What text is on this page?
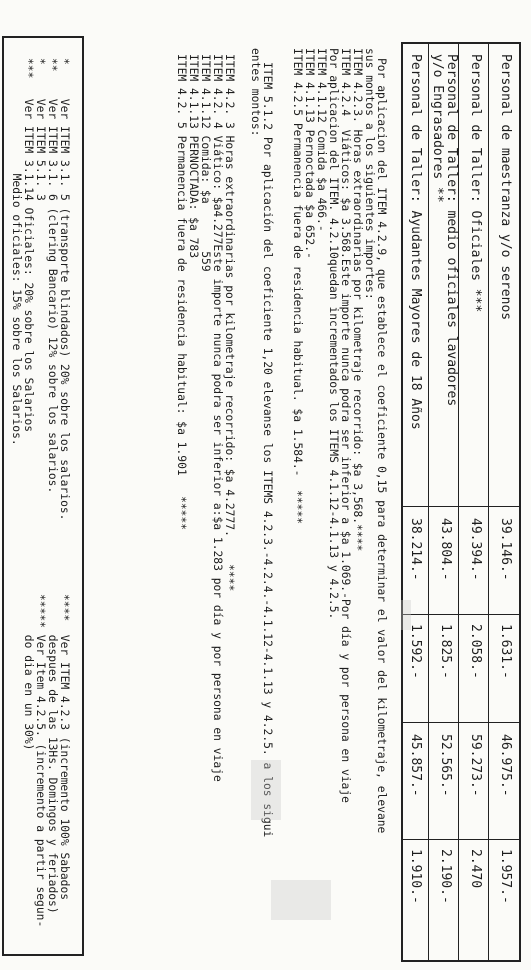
Personal de maestranza y/o serenos
39.146.-
1.631.-
46.975.-
1.957.-
Personal de Taller: Oficiales ***
49.394.-
2.058.-
59.273.-
2.470
Personal de Taller: medio oficiales lavadores
y/o Engrasadores **
43.804.-
1.825.-
52.565.-
2.190.-
Personal de Taller: Ayudantes Mayores de 18 Años
38.214.-
1.592.-
45.857.-
1.910.-
Por aplicacion del ITEM 4.2.9, que establece el coeficiente 0,15 para determinar el valor del kilometraje, elevane
sus montos a los siguientes importes:
ITEM 4.2.3. Horas extraordinarias por kilometraje recorrido: $a 3,568.****
ITEM 4.2.4  Viáticos: $a 3.568.Este importe nunca podra ser inferior a $a 1.069.-Por día y por persona en viaje
Por aplicacion del ITEM. 4.2.10quedan incrementados los ITEMS 4.1.12-4.1.13 y 4.2.5.
ITEM 4.1.12 Comida $a 466.-
ITEM 4.1.13 Pernoctada $a 652.-
ITEM 4.2.5 Permanencia fuera de residencia habitual. $a 1.584.-  *****
ITEM 5.1.2 Por aplicación del coeficiente 1,20 elevanse los ITEMS 4.2.3.-4.2.4.-4.1.12-4.1.13 y 4.2.5. a los sigui
entes montos:
ITEM 4.2. 3 Horas extraordinarias por kilometraje recorrido: $a 4.2777.    ****
ITEM 4.2. 4 Viático: $a4.277Este importe nunca podra ser inferior a:$a 1.283 por día y por persona en viaje
ITEM 4.1.12 Comida: $a       559
ITEM 4.1.13 PERNOCTADA: $a 783
ITEM 4.2. 5 Permanencia fuera de residencia habitual: $a 1.901   *****
*     Ver ITEM 3.1. 5 (transporte blindados) 20% sobre los salarios.
**    Ver ITEM 3.1. 6 (clering Bancario) 12% sobre los salarios.
*     Ver ITEM 5.1. 3
***   Ver ITEM 3.1.14 Oficiales: 20% sobre los Salarios
Medio oficiales: 15% sobre los Salarios.
****  Ver ITEM 4.2.3 (incremento 100% Sabados
despues de las 13Hs. Domingos y feriados)
***** Ver Item 4.2.5. (incremento a partir segun-
do dia en un 30%)
